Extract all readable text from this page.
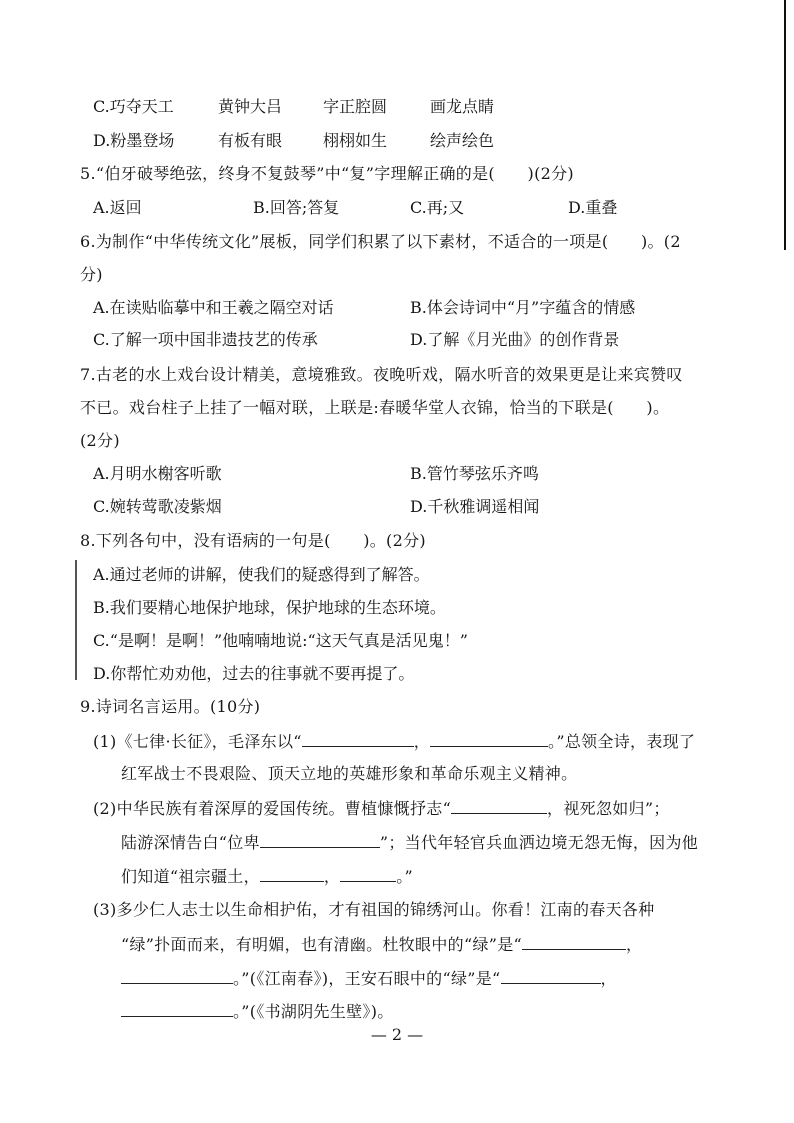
C.巧夺天工	黄钟大吕	字正腔圆	画龙点睛
D.粉墨登场	有板有眼	栩栩如生	绘声绘色
5.“伯牙破琴绝弦，终身不复鼓琴”中“复”字理解正确的是(　　)(2分)
A.返回	B.回答;答复	C.再;又	D.重叠
6.为制作“中华传统文化”展板，同学们积累了以下素材，不适合的一项是(　　)。(2
分)
A.在读贴临摹中和王羲之隔空对话	B.体会诗词中“月”字蕴含的情感
C.了解一项中国非遗技艺的传承	D.了解《月光曲》的创作背景
7.古老的水上戏台设计精美，意境雅致。夜晚听戏，隔水听音的效果更是让来宾赞叹
不已。戏台柱子上挂了一幅对联，上联是:春暖华堂人衣锦，恰当的下联是(　　)。
(2分)
A.月明水榭客听歌	B.管竹琴弦乐齐鸣
C.婉转莺歌凌紫烟	D.千秋雅调遥相闻
8.下列各句中，没有语病的一句是(　　)。(2分)
A.通过老师的讲解，使我们的疑惑得到了解答。
B.我们要精心地保护地球，保护地球的生态环境。
C.“是啊！是啊！”他喃喃地说:“这天气真是活见鬼！”
D.你帮忙劝劝他，过去的往事就不要再提了。
9.诗词名言运用。(10分)
(1)《七律·长征》，毛泽东以“	，	。”总领全诗，表现了
红军战士不畏艰险、顶天立地的英雄形象和革命乐观主义精神。
(2)中华民族有着深厚的爱国传统。曹植慷慨抒志“	，视死忽如归”；
陆游深情告白“位卑	”；当代年轻官兵血洒边境无怨无悔，因为他
们知道“祖宗疆土，	，	。”
(3)多少仁人志士以生命相护佑，才有祖国的锦绣河山。你看！江南的春天各种
“绿”扑面而来，有明媚，也有清幽。杜牧眼中的“绿”是“	，
。”(《江南春》)，王安石眼中的“绿”是“	，
。”(《书湖阴先生壁》)。
— 2 —
